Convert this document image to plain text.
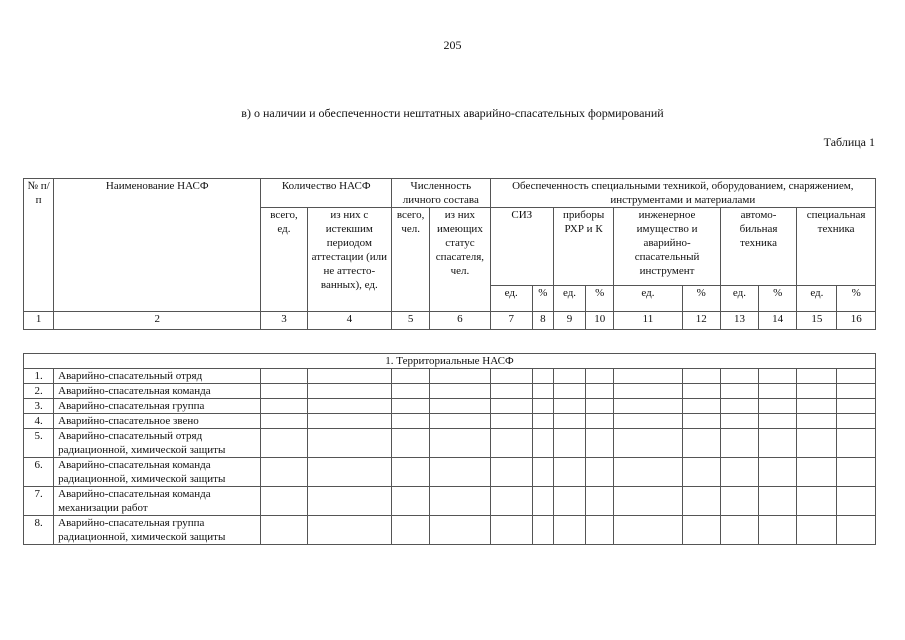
205
в) о наличии и обеспеченности нештатных аварийно-спасательных формирований
Таблица 1
№ п/п	Наименование НАСФ	Количество НАСФ		Численность личного состава		Обеспеченность специальными техникой, оборудованием, снаряжением, инструментами и материалами									
		всего, ед.	из них с истекшим периодом аттестации (или не аттесто-ванных), ед.	всего, чел.	из них имеющих статус спасателя, чел.	СИЗ		приборы РХР и К		инженерное имущество и аварийно-спасательный инструмент		автомо-бильная техника		специальная техника	
						ед.	%	ед.	%	ед.	%	ед.	%	ед.	%
1	2	3	4	5	6	7	8	9	10	11	12	13	14	15	16
1. Территориальные НАСФ															
1.	Аварийно-спасательный отряд														
2.	Аварийно-спасательная команда														
3.	Аварийно-спасательная группа														
4.	Аварийно-спасательное звено														
5.	Аварийно-спасательный отряд радиационной, химической защиты														
6.	Аварийно-спасательная команда радиационной, химической защиты														
7.	Аварийно-спасательная команда механизации работ														
8.	Аварийно-спасательная группа радиационной, химической защиты														
